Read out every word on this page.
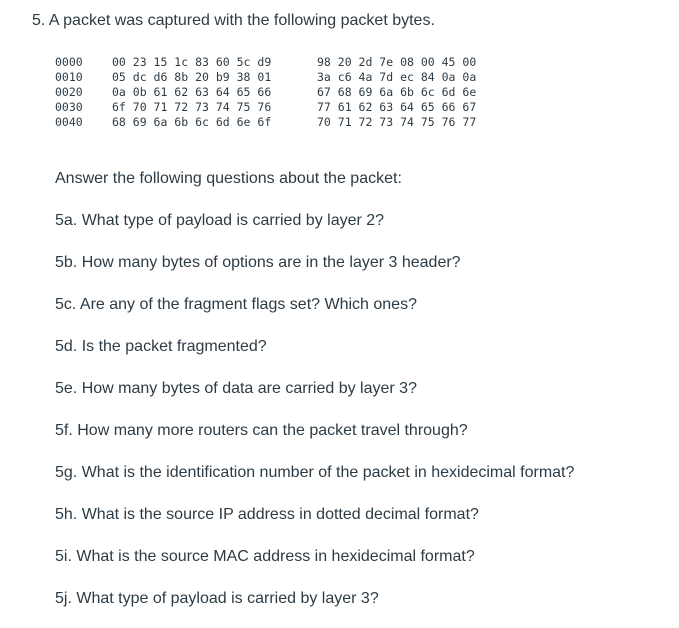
5. A packet was captured with the following packet bytes.
0000	00 23 15 1c 83 60 5c d9	98 20 2d 7e 08 00 45 00
0010	05 dc d6 8b 20 b9 38 01	3a c6 4a 7d ec 84 0a 0a
0020	0a 0b 61 62 63 64 65 66	67 68 69 6a 6b 6c 6d 6e
0030	6f 70 71 72 73 74 75 76	77 61 62 63 64 65 66 67
0040	68 69 6a 6b 6c 6d 6e 6f	70 71 72 73 74 75 76 77
Answer the following questions about the packet:
5a. What type of payload is carried by layer 2?
5b. How many bytes of options are in the layer 3 header?
5c. Are any of the fragment flags set? Which ones?
5d. Is the packet fragmented?
5e. How many bytes of data are carried by layer 3?
5f. How many more routers can the packet travel through?
5g. What is the identification number of the packet in hexidecimal format?
5h. What is the source IP address in dotted decimal format?
5i. What is the source MAC address in hexidecimal format?
5j. What type of payload is carried by layer 3?
